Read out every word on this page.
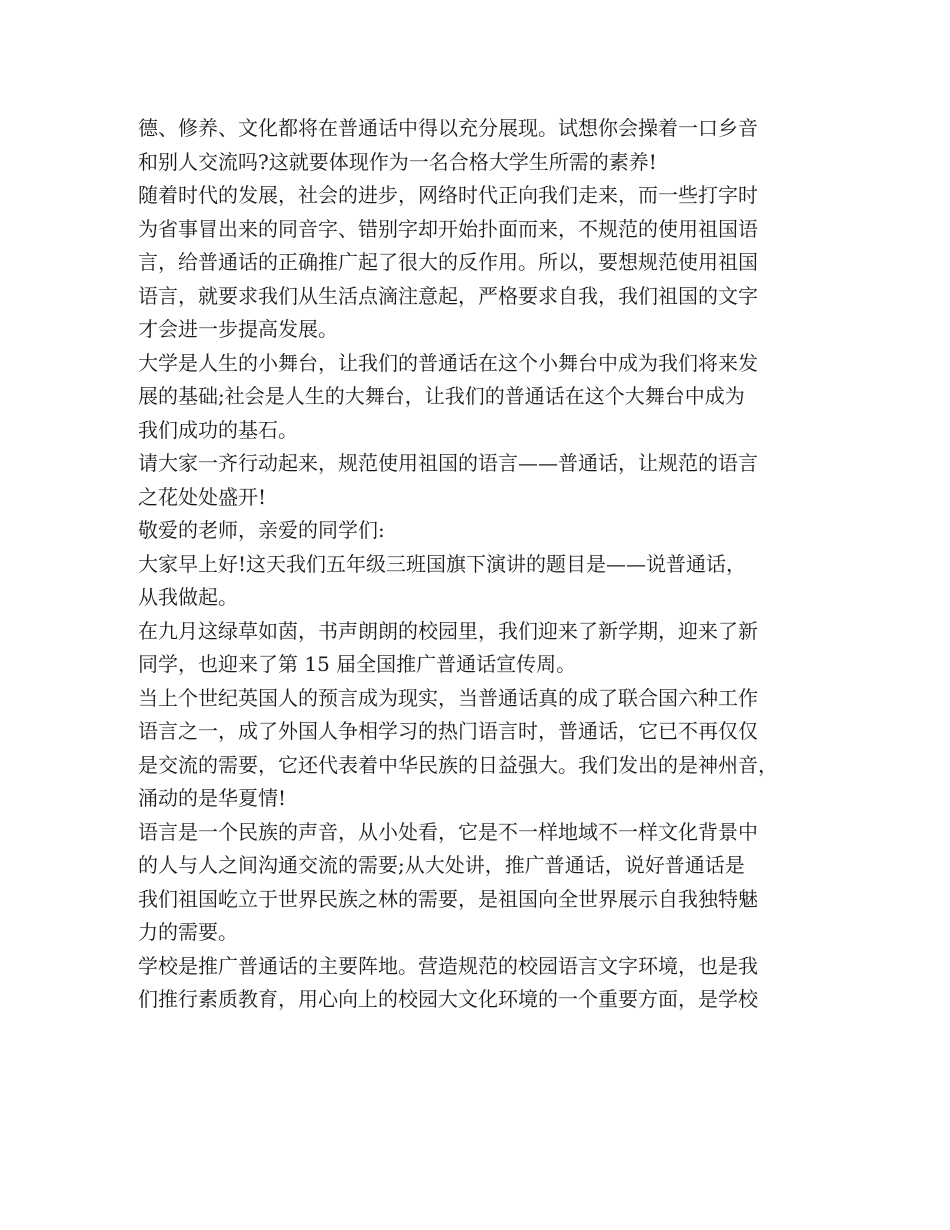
德、修养、文化都将在普通话中得以充分展现。试想你会操着一口乡音
和别人交流吗?这就要体现作为一名合格大学生所需的素养!
随着时代的发展，社会的进步，网络时代正向我们走来，而一些打字时
为省事冒出来的同音字、错别字却开始扑面而来，不规范的使用祖国语
言，给普通话的正确推广起了很大的反作用。所以，要想规范使用祖国
语言，就要求我们从生活点滴注意起，严格要求自我，我们祖国的文字
才会进一步提高发展。
大学是人生的小舞台，让我们的普通话在这个小舞台中成为我们将来发
展的基础;社会是人生的大舞台，让我们的普通话在这个大舞台中成为
我们成功的基石。
请大家一齐行动起来，规范使用祖国的语言——普通话，让规范的语言
之花处处盛开!
敬爱的老师，亲爱的同学们:
大家早上好!这天我们五年级三班国旗下演讲的题目是——说普通话，
从我做起。
在九月这绿草如茵，书声朗朗的校园里，我们迎来了新学期，迎来了新
同学，也迎来了第 15 届全国推广普通话宣传周。
当上个世纪英国人的预言成为现实，当普通话真的成了联合国六种工作
语言之一，成了外国人争相学习的热门语言时，普通话，它已不再仅仅
是交流的需要，它还代表着中华民族的日益强大。我们发出的是神州音，
涌动的是华夏情!
语言是一个民族的声音，从小处看，它是不一样地域不一样文化背景中
的人与人之间沟通交流的需要;从大处讲，推广普通话，说好普通话是
我们祖国屹立于世界民族之林的需要，是祖国向全世界展示自我独特魅
力的需要。
学校是推广普通话的主要阵地。营造规范的校园语言文字环境，也是我
们推行素质教育，用心向上的校园大文化环境的一个重要方面，是学校
